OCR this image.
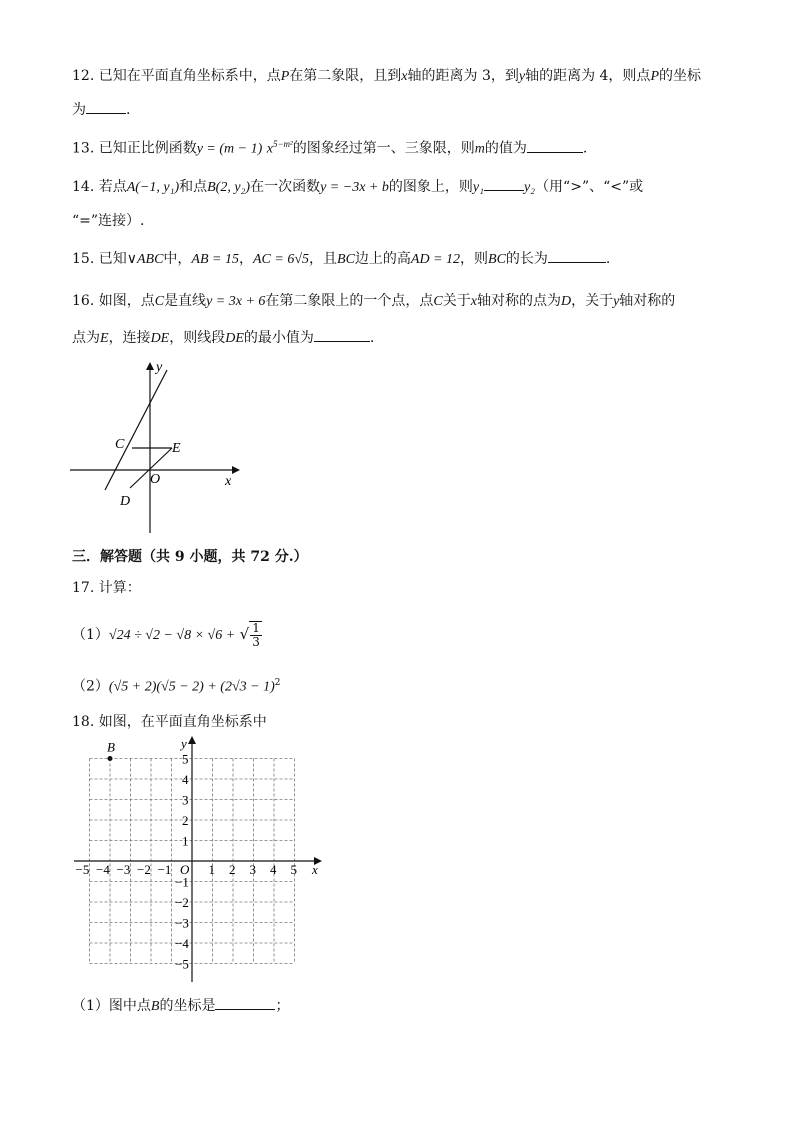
12. 已知在平面直角坐标系中，点P在第二象限，且到x轴的距离为 3，到y轴的距离为 4，则点P的坐标
为	.
13. 已知正比例函数y = (m − 1) $x^{5-m^2}$的图象经过第一、三象限，则m的值为	.
14. 若点A(−1, y₁)和点B(2, y₂)在一次函数y = −3x + b的图象上，则y₁	y₂（用“>”、“<”或
“=”连接）.
15. 已知∨ABC中，AB = 15，AC = 6√5，且BC边上的高AD = 12，则BC的长为	.
16. 如图，点C是直线y = 3x + 6在第二象限上的一个点，点C关于x轴对称的点为D，关于y轴对称的
点为E，连接DE，则线段DE的最小值为	.
y
x
O
C	E
D
三．解答题（共 9 小题，共 72 分.）
17. 计算：
（1）√24 ÷ √2 − √8 × √6 + √ $\frac{1}{3}$
$(2)(√5 + 2)(√5 - 2) + (2√3 - 1)^2$
18. 如图，在平面直角坐标系中
−5 −4 −3 −2 −1	1 2 3 4 5
5
4
3
2
1
−1
−2
−3
−4
−5
y
x
O
B
（1）图中点B的坐标是	；
